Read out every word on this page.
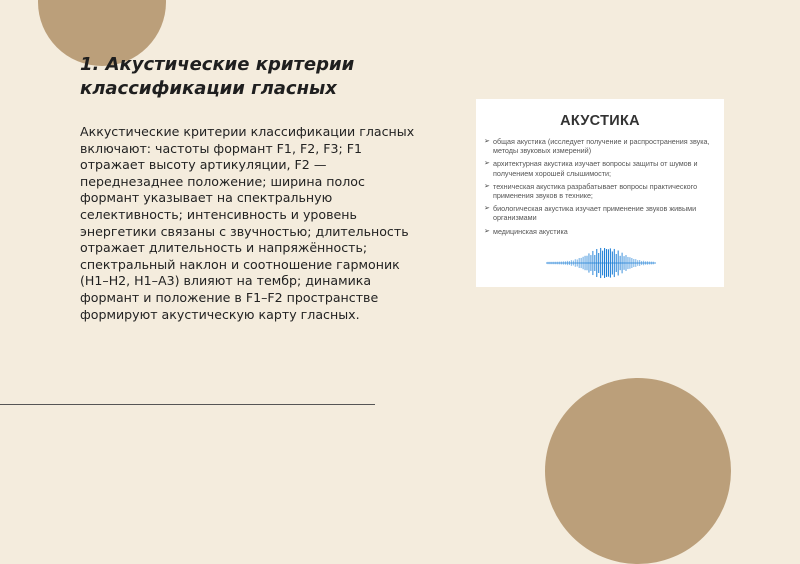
1. Акустические критерии
классификации гласных

Аккустические критерии классификации гласных включают: частоты формант F1, F2, F3; F1 отражает высоту артикуляции, F2 — переднезаднее положение; ширина полос формант указывает на спектральную селективность; интенсивность и уровень энергетики связаны с звучностью; длительность отражает длительность и напряжённость; спектральный наклон и соотношение гармоник (H1–H2, H1–A3) влияют на тембр; динамика формант и положение в F1–F2 пространстве формируют акустическую карту гласных.

АКУСТИКА

➢ общая акустика (исследует получение и распространения звука, методы звуковых измерений)
➢ архитектурная акустика изучает вопросы защиты от шумов и получением хорошей слышимости;
➢ техническая акустика разрабатывает вопросы практического применения звуков в технике;
➢ биологическая акустика изучает применение звуков живыми организмами
➢ медицинская акустика
